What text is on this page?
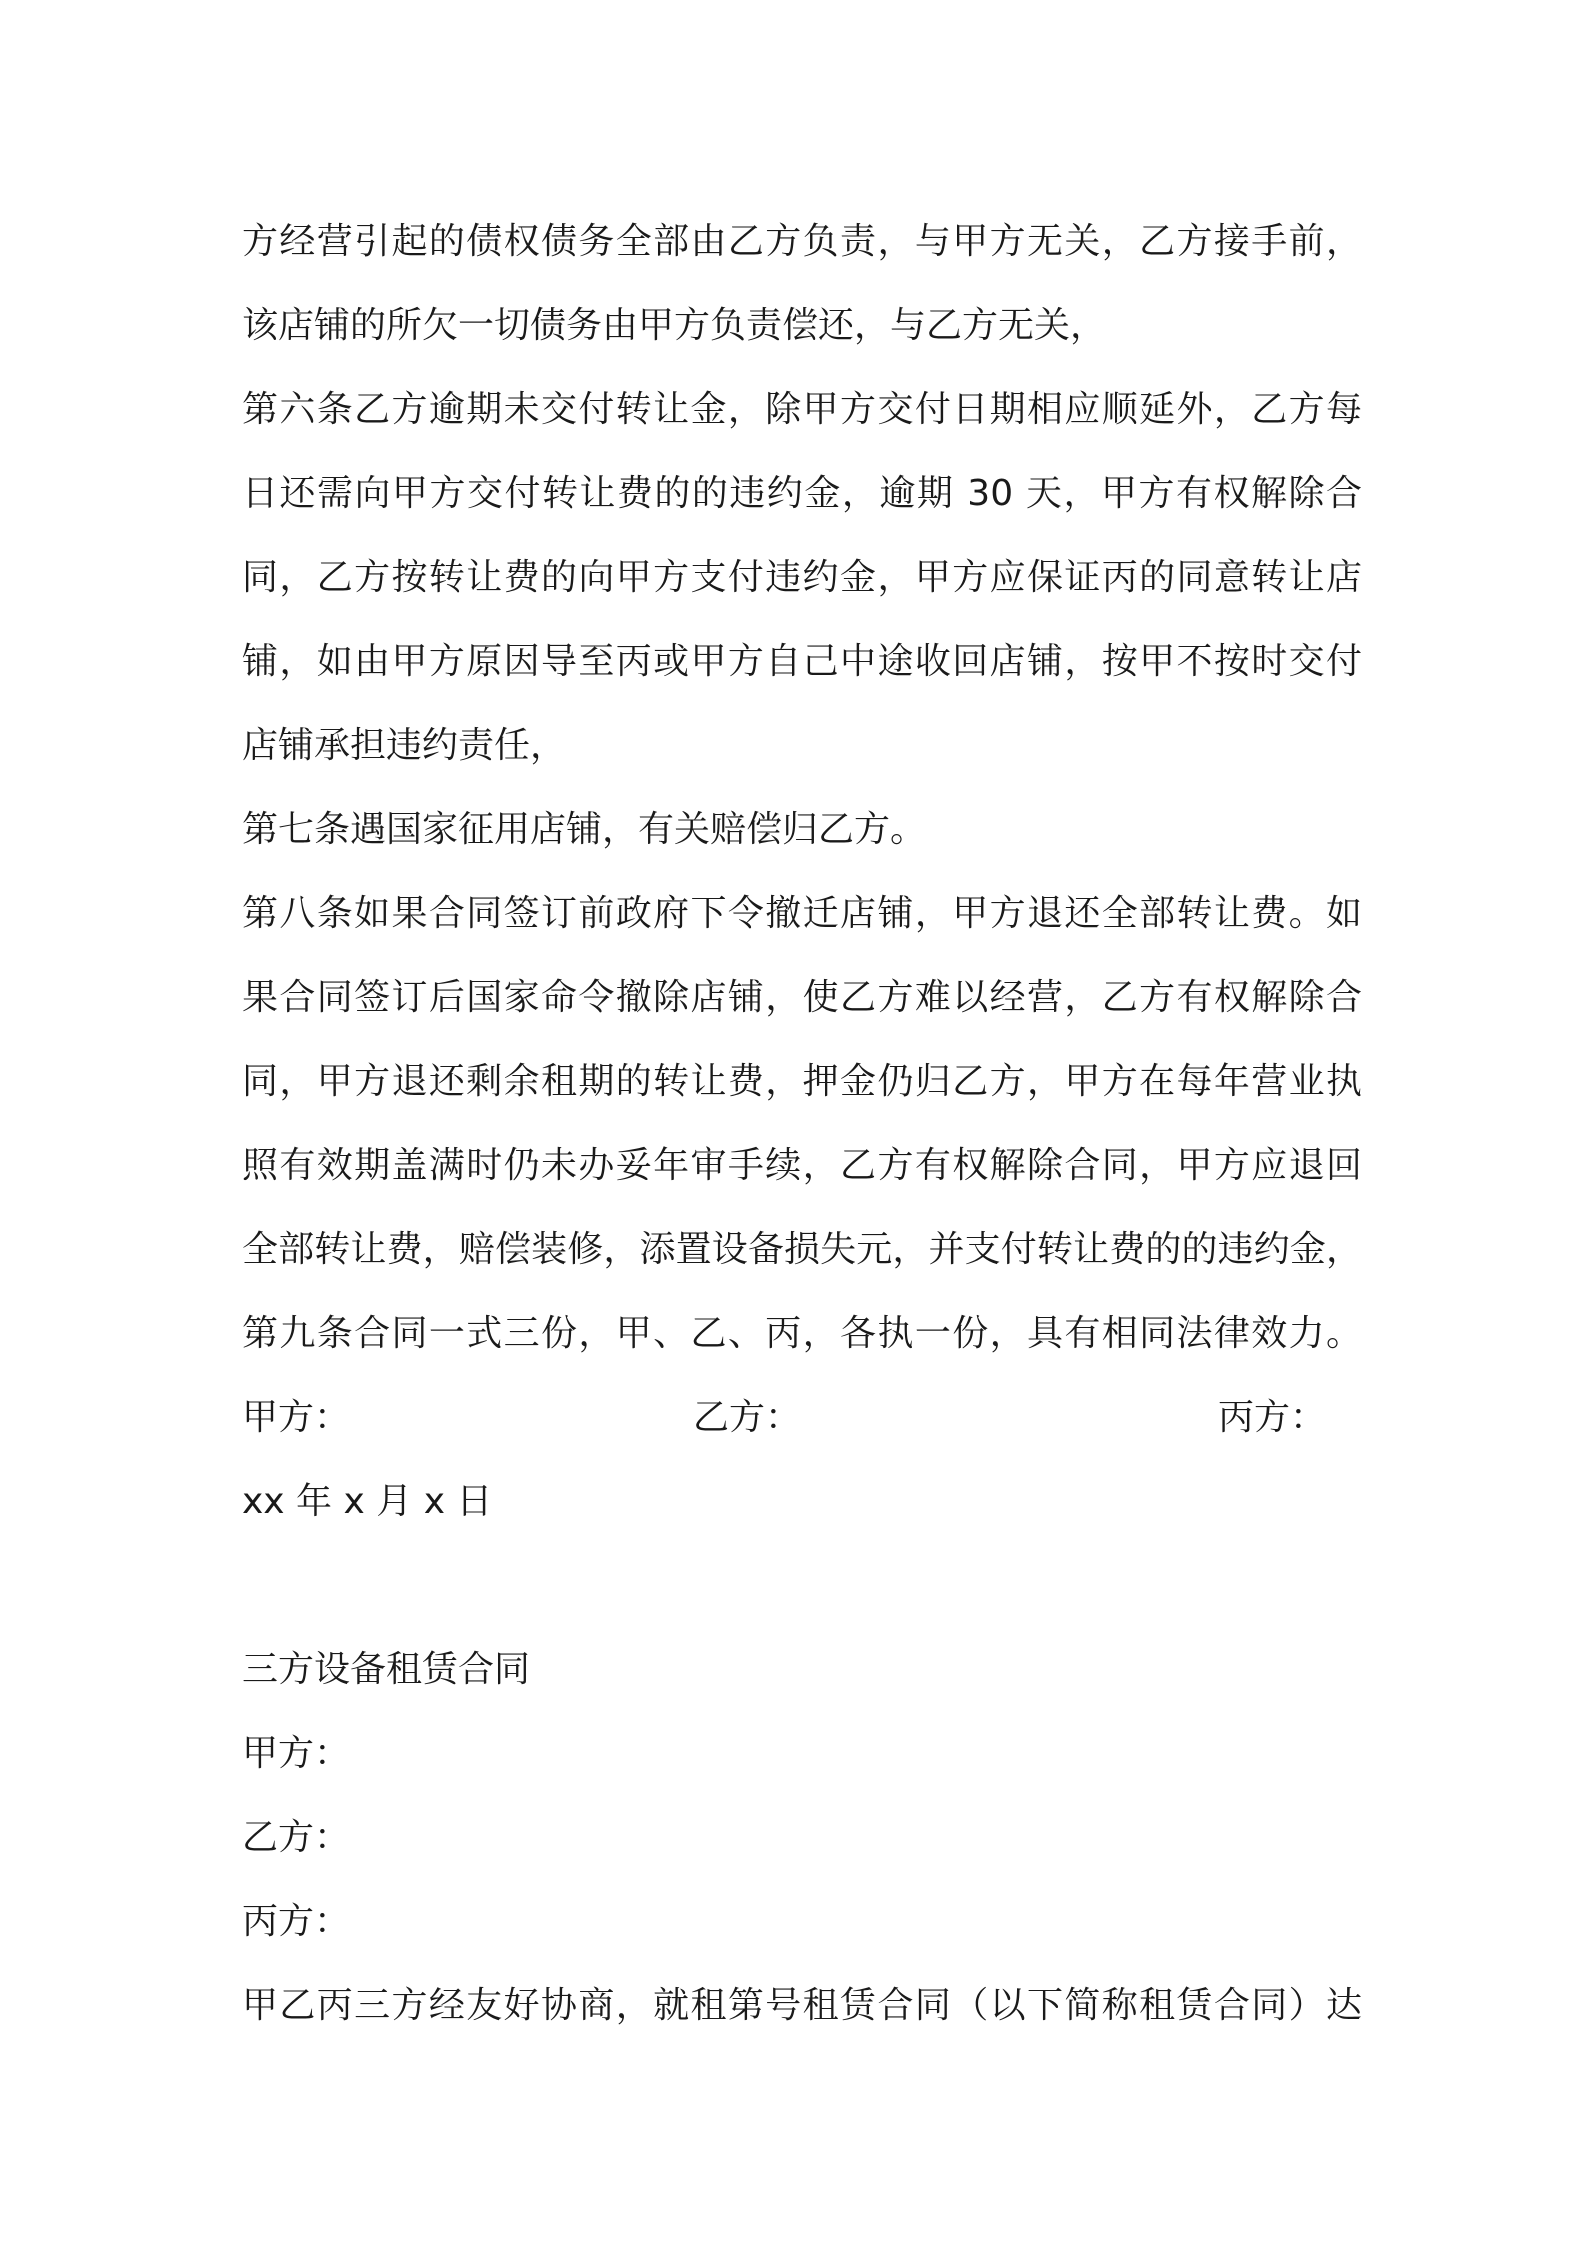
方经营引起的债权债务全部由乙方负责，与甲方无关，乙方接手前，
该店铺的所欠一切债务由甲方负责偿还，与乙方无关，
第六条乙方逾期未交付转让金，除甲方交付日期相应顺延外，乙方每
日还需向甲方交付转让费的的违约金，逾期 30 天，甲方有权解除合
同，乙方按转让费的向甲方支付违约金，甲方应保证丙的同意转让店
铺，如由甲方原因导至丙或甲方自己中途收回店铺，按甲不按时交付
店铺承担违约责任，
第七条遇国家征用店铺，有关赔偿归乙方。
第八条如果合同签订前政府下令撤迁店铺，甲方退还全部转让费。如
果合同签订后国家命令撤除店铺，使乙方难以经营，乙方有权解除合
同，甲方退还剩余租期的转让费，押金仍归乙方，甲方在每年营业执
照有效期盖满时仍未办妥年审手续，乙方有权解除合同，甲方应退回
全部转让费，赔偿装修，添置设备损失元，并支付转让费的的违约金，
第九条合同一式三份，甲、乙、丙，各执一份，具有相同法律效力。
甲方：	乙方：	丙方：
xx 年 x 月 x 日
三方设备租赁合同
甲方：
乙方：
丙方：
甲乙丙三方经友好协商，就租第号租赁合同（以下简称租赁合同）达
